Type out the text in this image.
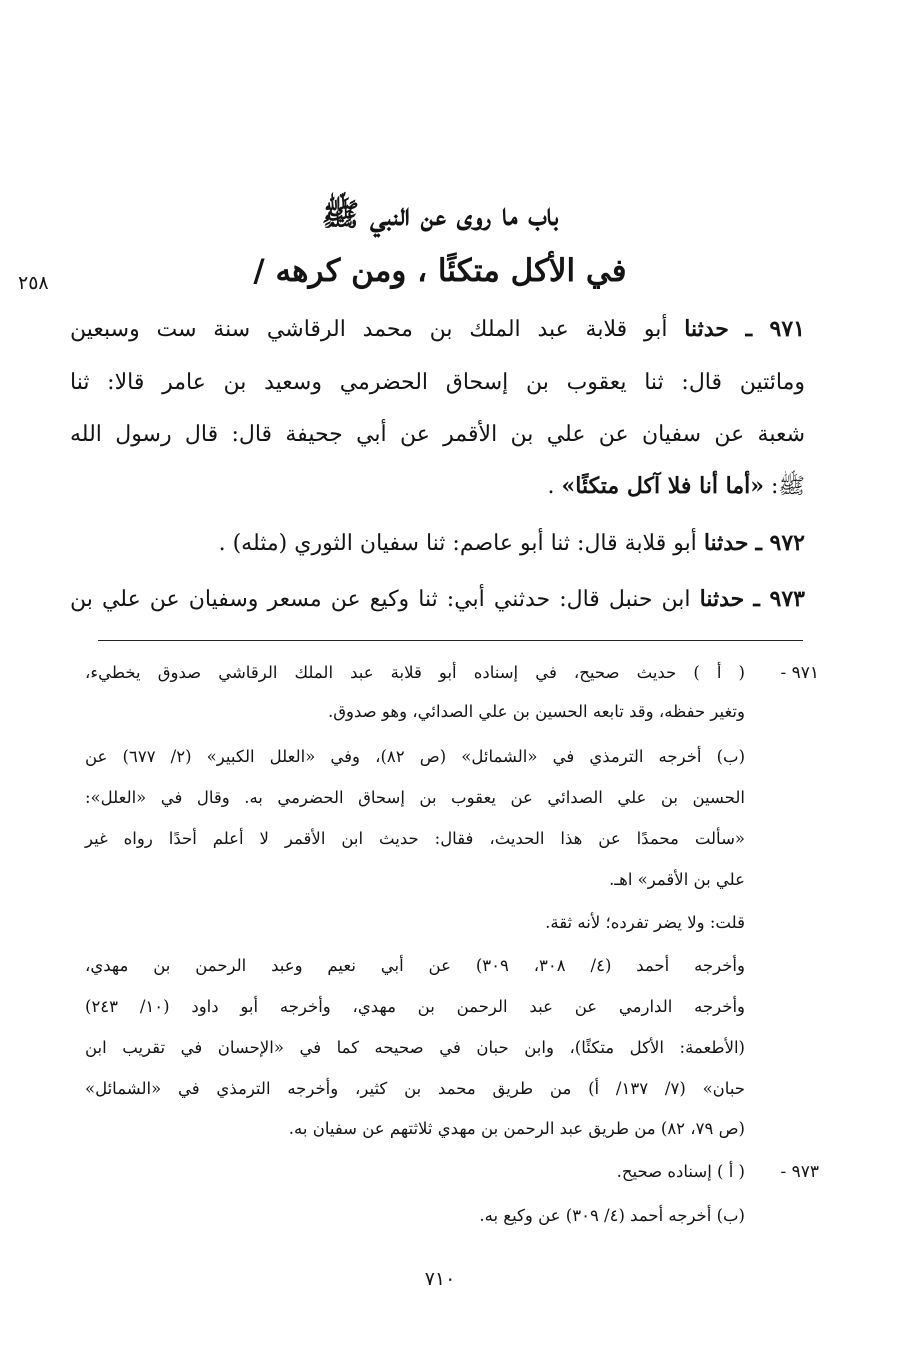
باب ما روى عن النبي ﷺ
في الأكل متكئًا ، ومن كرهه /
٢٥٨
٩٧١ ـ حدثنا أبو قلابة عبد الملك بن محمد الرقاشي سنة ست وسبعين
ومائتين قال: ثنا يعقوب بن إسحاق الحضرمي وسعيد بن عامر قالا: ثنا
شعبة عن سفيان عن علي بن الأقمر عن أبي جحيفة قال: قال رسول الله
ﷺ: «أما أنا فلا آكل متكئًا» .
٩٧٢ ـ حدثنا أبو قلابة قال: ثنا أبو عاصم: ثنا سفيان الثوري (مثله) .
٩٧٣ ـ حدثنا ابن حنبل قال: حدثني أبي: ثنا وكيع عن مسعر وسفيان عن علي بن
٩٧١ -
( أ ) حديث صحيح، في إسناده أبو قلابة عبد الملك الرقاشي صدوق يخطيء،
وتغير حفظه، وقد تابعه الحسين بن علي الصدائي، وهو صدوق.
(ب) أخرجه الترمذي في «الشمائل» (ص ٨٢)، وفي «العلل الكبير» (٢/ ٦٧٧) عن
الحسين بن علي الصدائي عن يعقوب بن إسحاق الحضرمي به. وقال في «العلل»:
«سألت محمدًا عن هذا الحديث، فقال: حديث ابن الأقمر لا أعلم أحدًا رواه غير
علي بن الأقمر» اهـ.
قلت: ولا يضر تفرده؛ لأنه ثقة.
وأخرجه أحمد (٤/ ٣٠٨، ٣٠٩) عن أبي نعيم وعبد الرحمن بن مهدي،
وأخرجه الدارمي عن عبد الرحمن بن مهدي، وأخرجه أبو داود (١٠/ ٢٤٣)
(الأطعمة: الأكل متكئًا)، وابن حبان في صحيحه كما في «الإحسان في تقريب ابن
حبان» (٧/ ١٣٧/ أ) من طريق محمد بن كثير، وأخرجه الترمذي في «الشمائل»
(ص ٧٩، ٨٢) من طريق عبد الرحمن بن مهدي ثلاثتهم عن سفيان به.
٩٧٣ -
( أ ) إسناده صحيح.
(ب) أخرجه أحمد (٤/ ٣٠٩) عن وكيع به.
٧١٠
